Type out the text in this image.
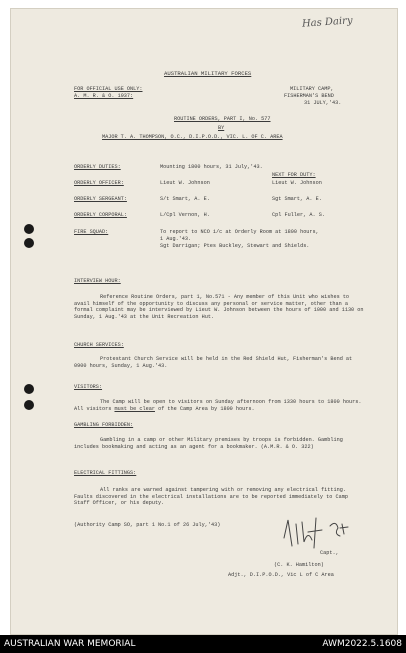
Has Dairy
AUSTRALIAN MILITARY FORCES
FOR OFFICIAL USE ONLY:
A. M. R. & O. 1937:
MILITARY CAMP,
FISHERMAN'S BEND
31 JULY,'43.
ROUTINE ORDERS, PART I, No. 577
BY
MAJOR T. A. THOMPSON, O.C., D.I.P.O.D., VIC. L. OF C. AREA
ORDERLY DUTIES:	Mounting 1800 hours, 31 July,'43.
NEXT FOR DUTY:
ORDERLY OFFICER:	Lieut W. Johnson	Lieut W. Johnson
ORDERLY SERGEANT:	S/t Smart, A. E.	Sgt Smart, A. E.
ORDERLY CORPORAL:	L/Cpl Vernon, H.	Cpl Fuller, A. S.
FIRE SQUAD:	To report to NCO i/c at Orderly Room at 1800 hours,
1 Aug.'43.
Sgt Darrigan; Ptes Buckley, Stewart and Shields.
INTERVIEW HOUR:
Reference Routine Orders, part 1, No.571 - Any member of this Unit who wishes to avail himself of the opportunity to discuss any personal or service matter, other than a formal complaint may be interviewed by Lieut W. Johnson between the hours of 1000 and 1130 on Sunday, 1 Aug.'43 at the Unit Recreation Hut.
CHURCH SERVICES:
Protestant Church Service will be held in the Red Shield Hut, Fisherman's Bend at 0900 hours, Sunday, 1 Aug.'43.
VISITORS:
The Camp will be open to visitors on Sunday afternoon from 1330 hours to 1800 hours. All visitors must be clear of the Camp Area by 1800 hours.
GAMBLING FORBIDDEN:
Gambling in a camp or other Military premises by troops is forbidden. Gambling includes bookmaking and acting as an agent for a bookmaker. (A.M.R. & O. 322)
ELECTRICAL FITTINGS:
All ranks are warned against tampering with or removing any electrical fitting. Faults discovered in the electrical installations are to be reported immediately to Camp Staff Officer, or his deputy.
(Authority Camp SO, part 1 No.1 of 26 July,'43)
Capt.,
(C. K. Hamilton)
Adjt., D.I.P.O.D., Vic L of C Area
AUSTRALIAN WAR MEMORIAL	AWM2022.5.1608
